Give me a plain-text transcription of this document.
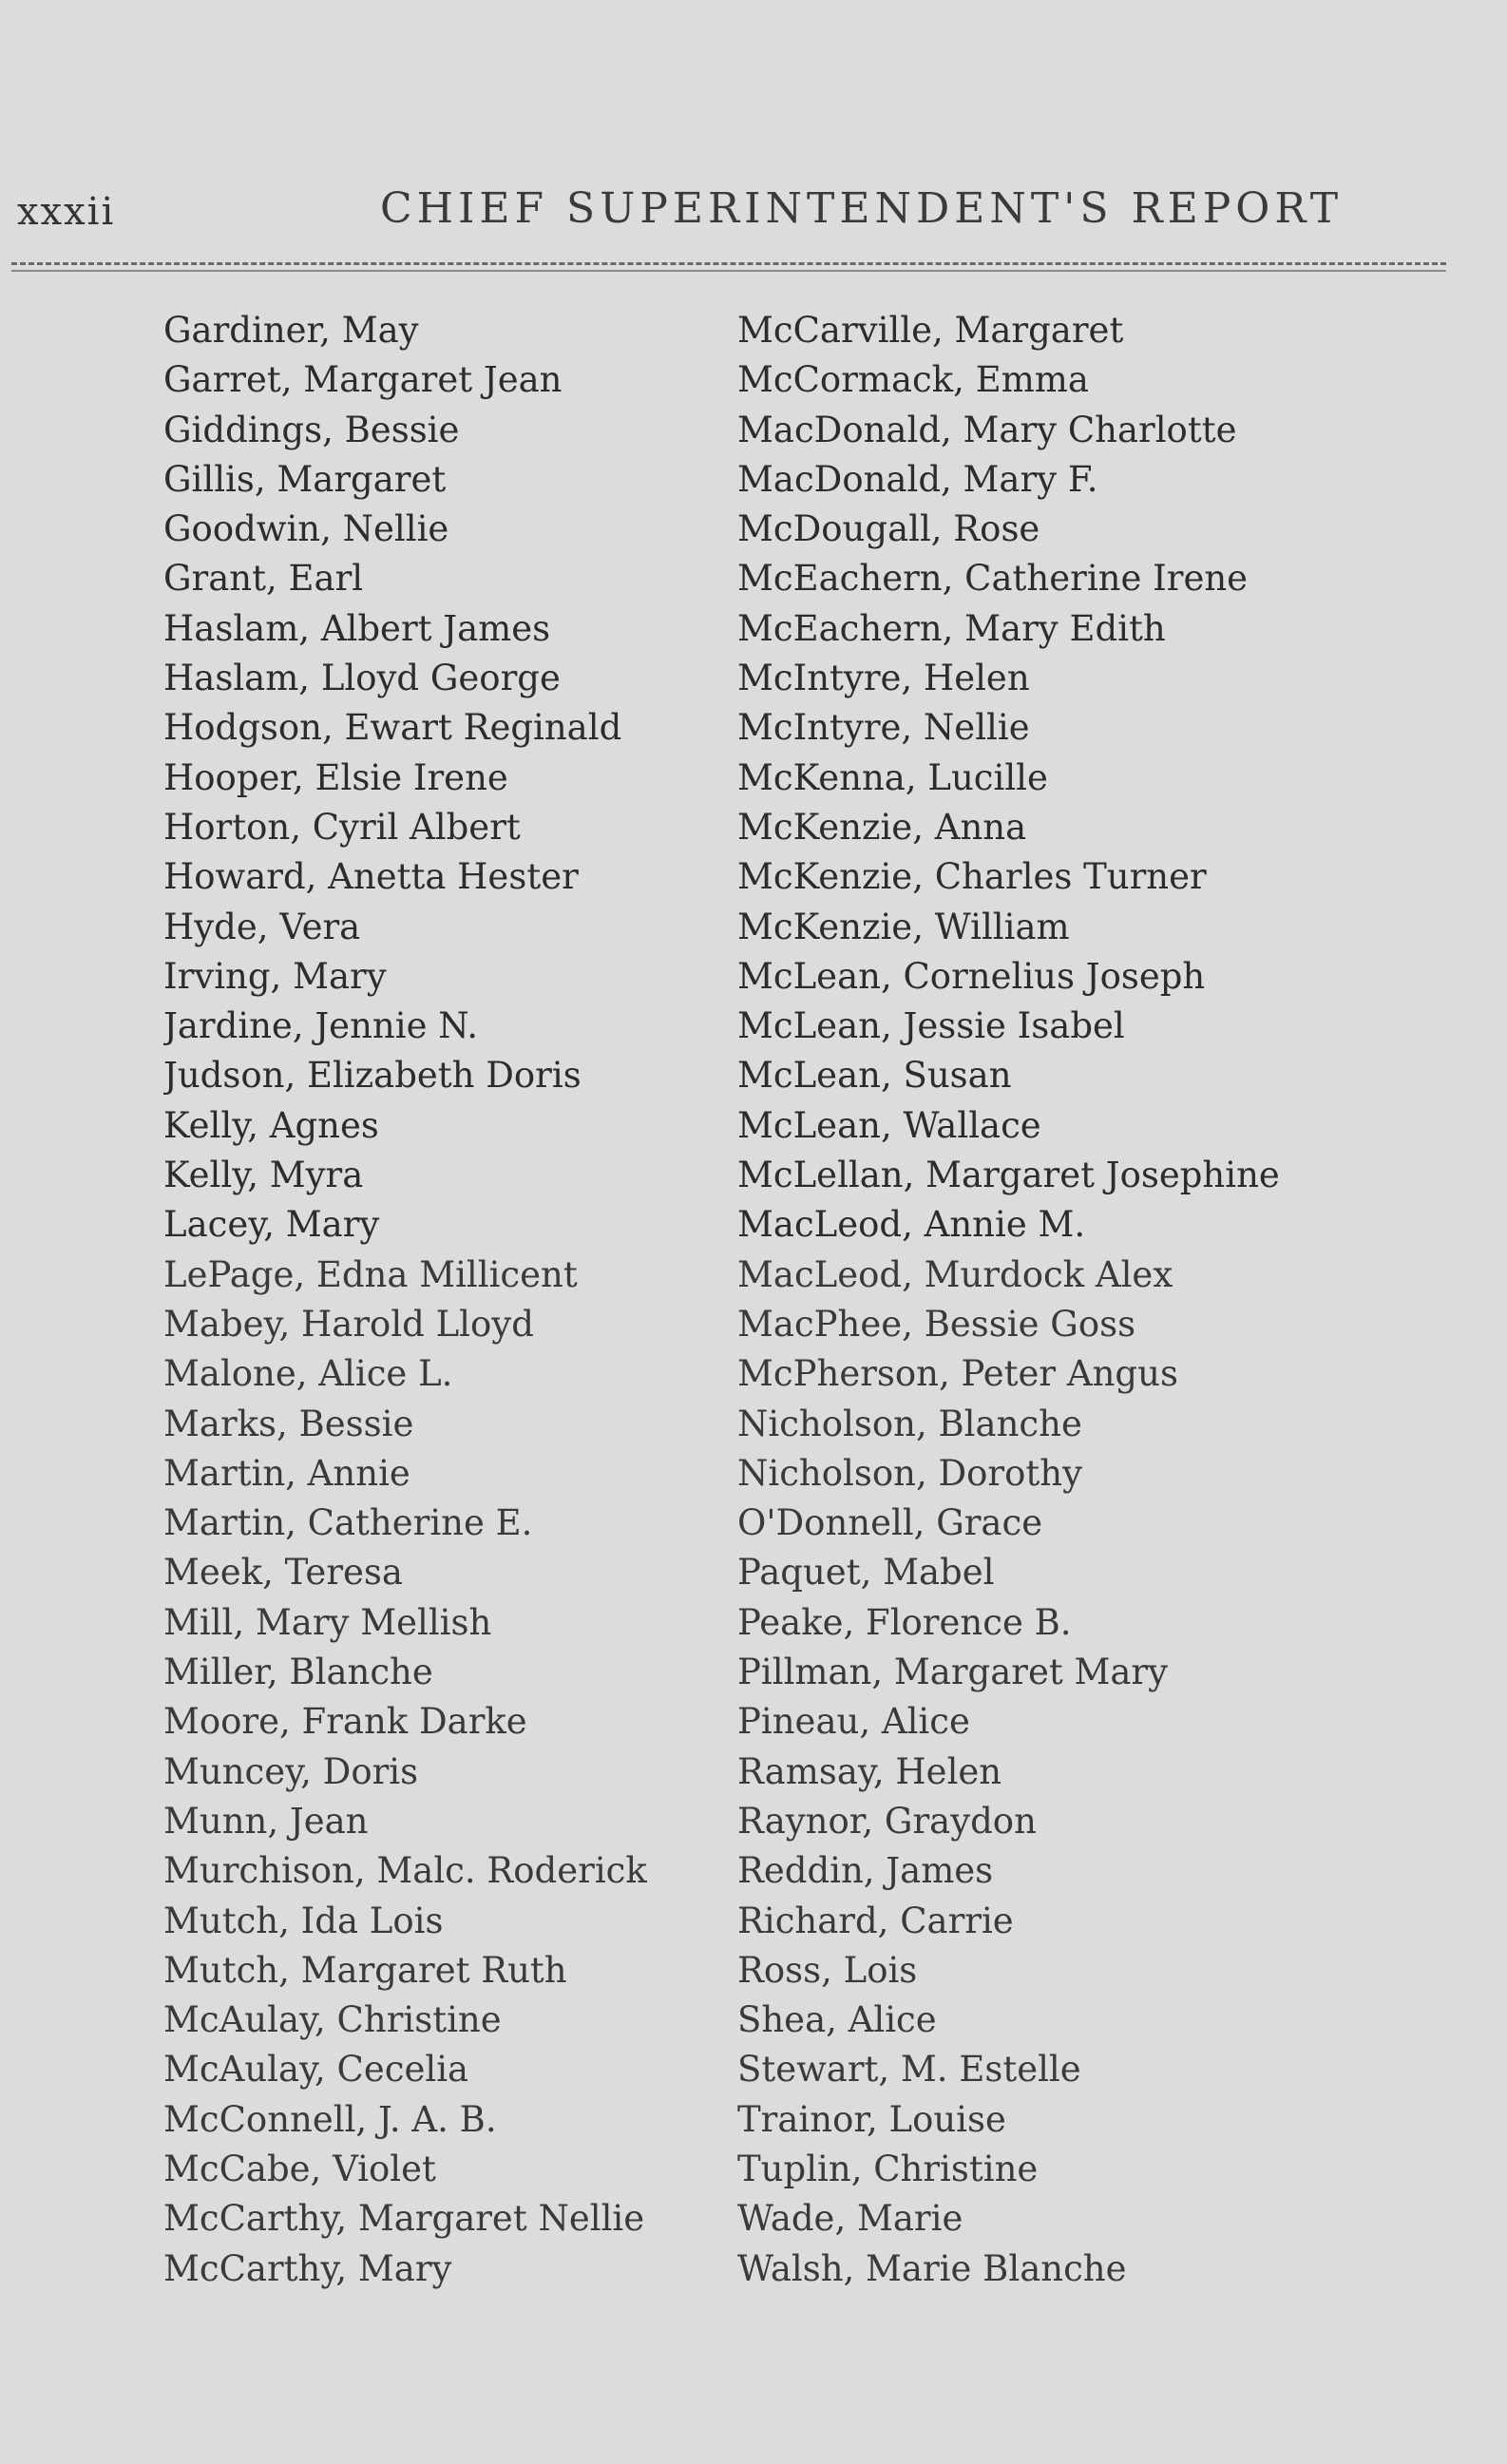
xxxii	CHIEF SUPERINTENDENT'S REPORT
Gardiner, May
Garret, Margaret Jean
Giddings, Bessie
Gillis, Margaret
Goodwin, Nellie
Grant, Earl
Haslam, Albert James
Haslam, Lloyd George
Hodgson, Ewart Reginald
Hooper, Elsie Irene
Horton, Cyril Albert
Howard, Anetta Hester
Hyde, Vera
Irving, Mary
Jardine, Jennie N.
Judson, Elizabeth Doris
Kelly, Agnes
Kelly, Myra
Lacey, Mary
LePage, Edna Millicent
Mabey, Harold Lloyd
Malone, Alice L.
Marks, Bessie
Martin, Annie
Martin, Catherine E.
Meek, Teresa
Mill, Mary Mellish
Miller, Blanche
Moore, Frank Darke
Muncey, Doris
Munn, Jean
Murchison, Malc. Roderick
Mutch, Ida Lois
Mutch, Margaret Ruth
McAulay, Christine
McAulay, Cecelia
McConnell, J. A. B.
McCabe, Violet
McCarthy, Margaret Nellie
McCarthy, Mary
McCarville, Margaret
McCormack, Emma
MacDonald, Mary Charlotte
MacDonald, Mary F.
McDougall, Rose
McEachern, Catherine Irene
McEachern, Mary Edith
McIntyre, Helen
McIntyre, Nellie
McKenna, Lucille
McKenzie, Anna
McKenzie, Charles Turner
McKenzie, William
McLean, Cornelius Joseph
McLean, Jessie Isabel
McLean, Susan
McLean, Wallace
McLellan, Margaret Josephine
MacLeod, Annie M.
MacLeod, Murdock Alex
MacPhee, Bessie Goss
McPherson, Peter Angus
Nicholson, Blanche
Nicholson, Dorothy
O'Donnell, Grace
Paquet, Mabel
Peake, Florence B.
Pillman, Margaret Mary
Pineau, Alice
Ramsay, Helen
Raynor, Graydon
Reddin, James
Richard, Carrie
Ross, Lois
Shea, Alice
Stewart, M. Estelle
Trainor, Louise
Tuplin, Christine
Wade, Marie
Walsh, Marie Blanche
